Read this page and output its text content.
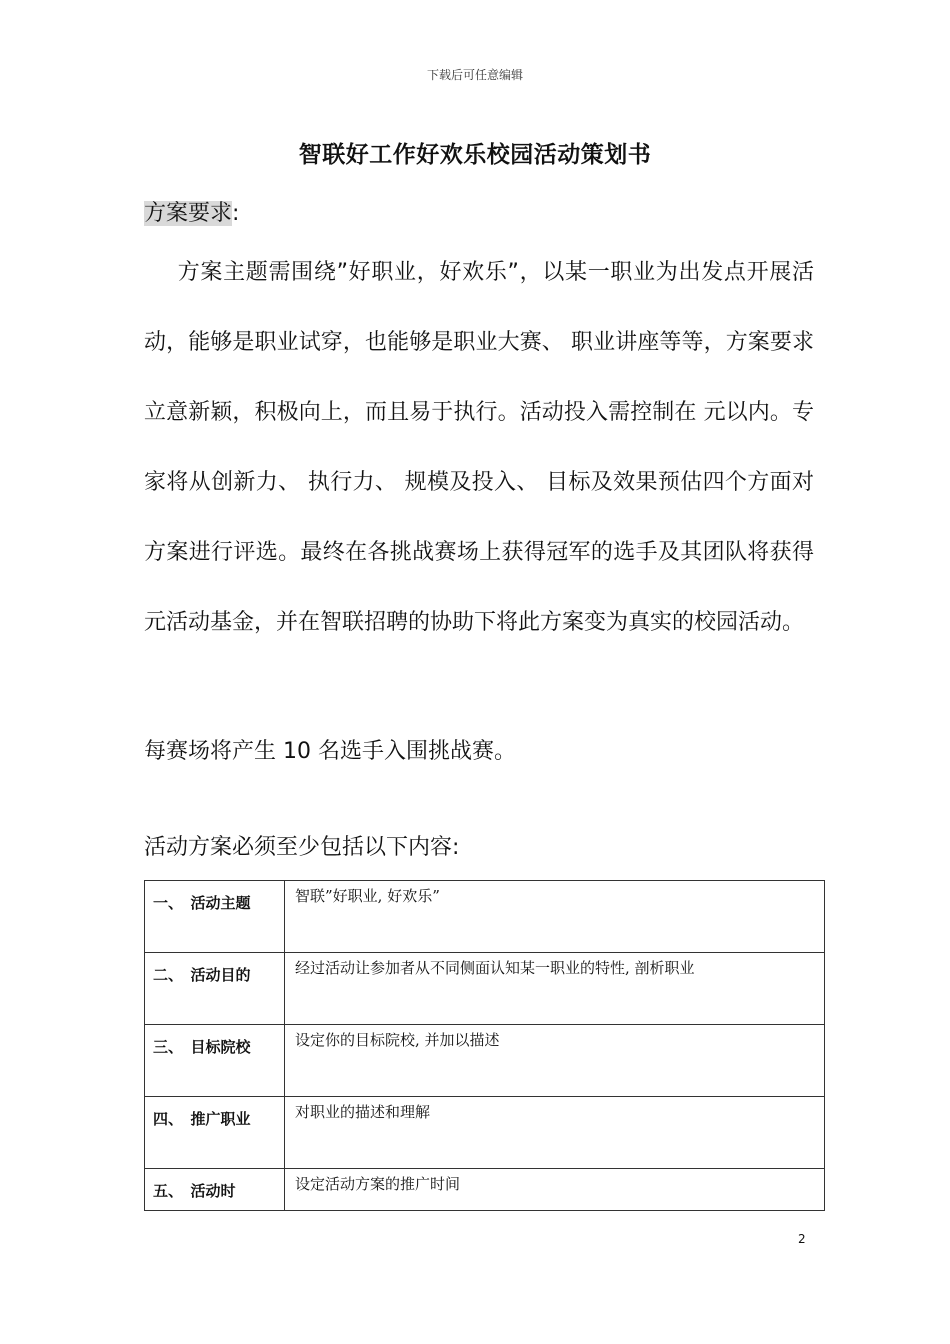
下载后可任意编辑
智联好工作好欢乐校园活动策划书
方案要求:
方案主题需围绕”好职业，好欢乐”，以某一职业为出发点开展活动，能够是职业试穿，也能够是职业大赛、 职业讲座等等，方案要求立意新颖，积极向上，而且易于执行。活动投入需控制在 元以内。专家将从创新力、 执行力、 规模及投入、 目标及效果预估四个方面对方案进行评选。最终在各挑战赛场上获得冠军的选手及其团队将获得 元活动基金，并在智联招聘的协助下将此方案变为真实的校园活动。
每赛场将产生 10 名选手入围挑战赛。
活动方案必须至少包括以下内容:
一、　活动主题	智联”好职业, 好欢乐”
二、　活动目的	经过活动让参加者从不同侧面认知某一职业的特性, 剖析职业
三、　目标院校	设定你的目标院校, 并加以描述
四、　推广职业	对职业的描述和理解
五、　活动时	设定活动方案的推广时间
2
